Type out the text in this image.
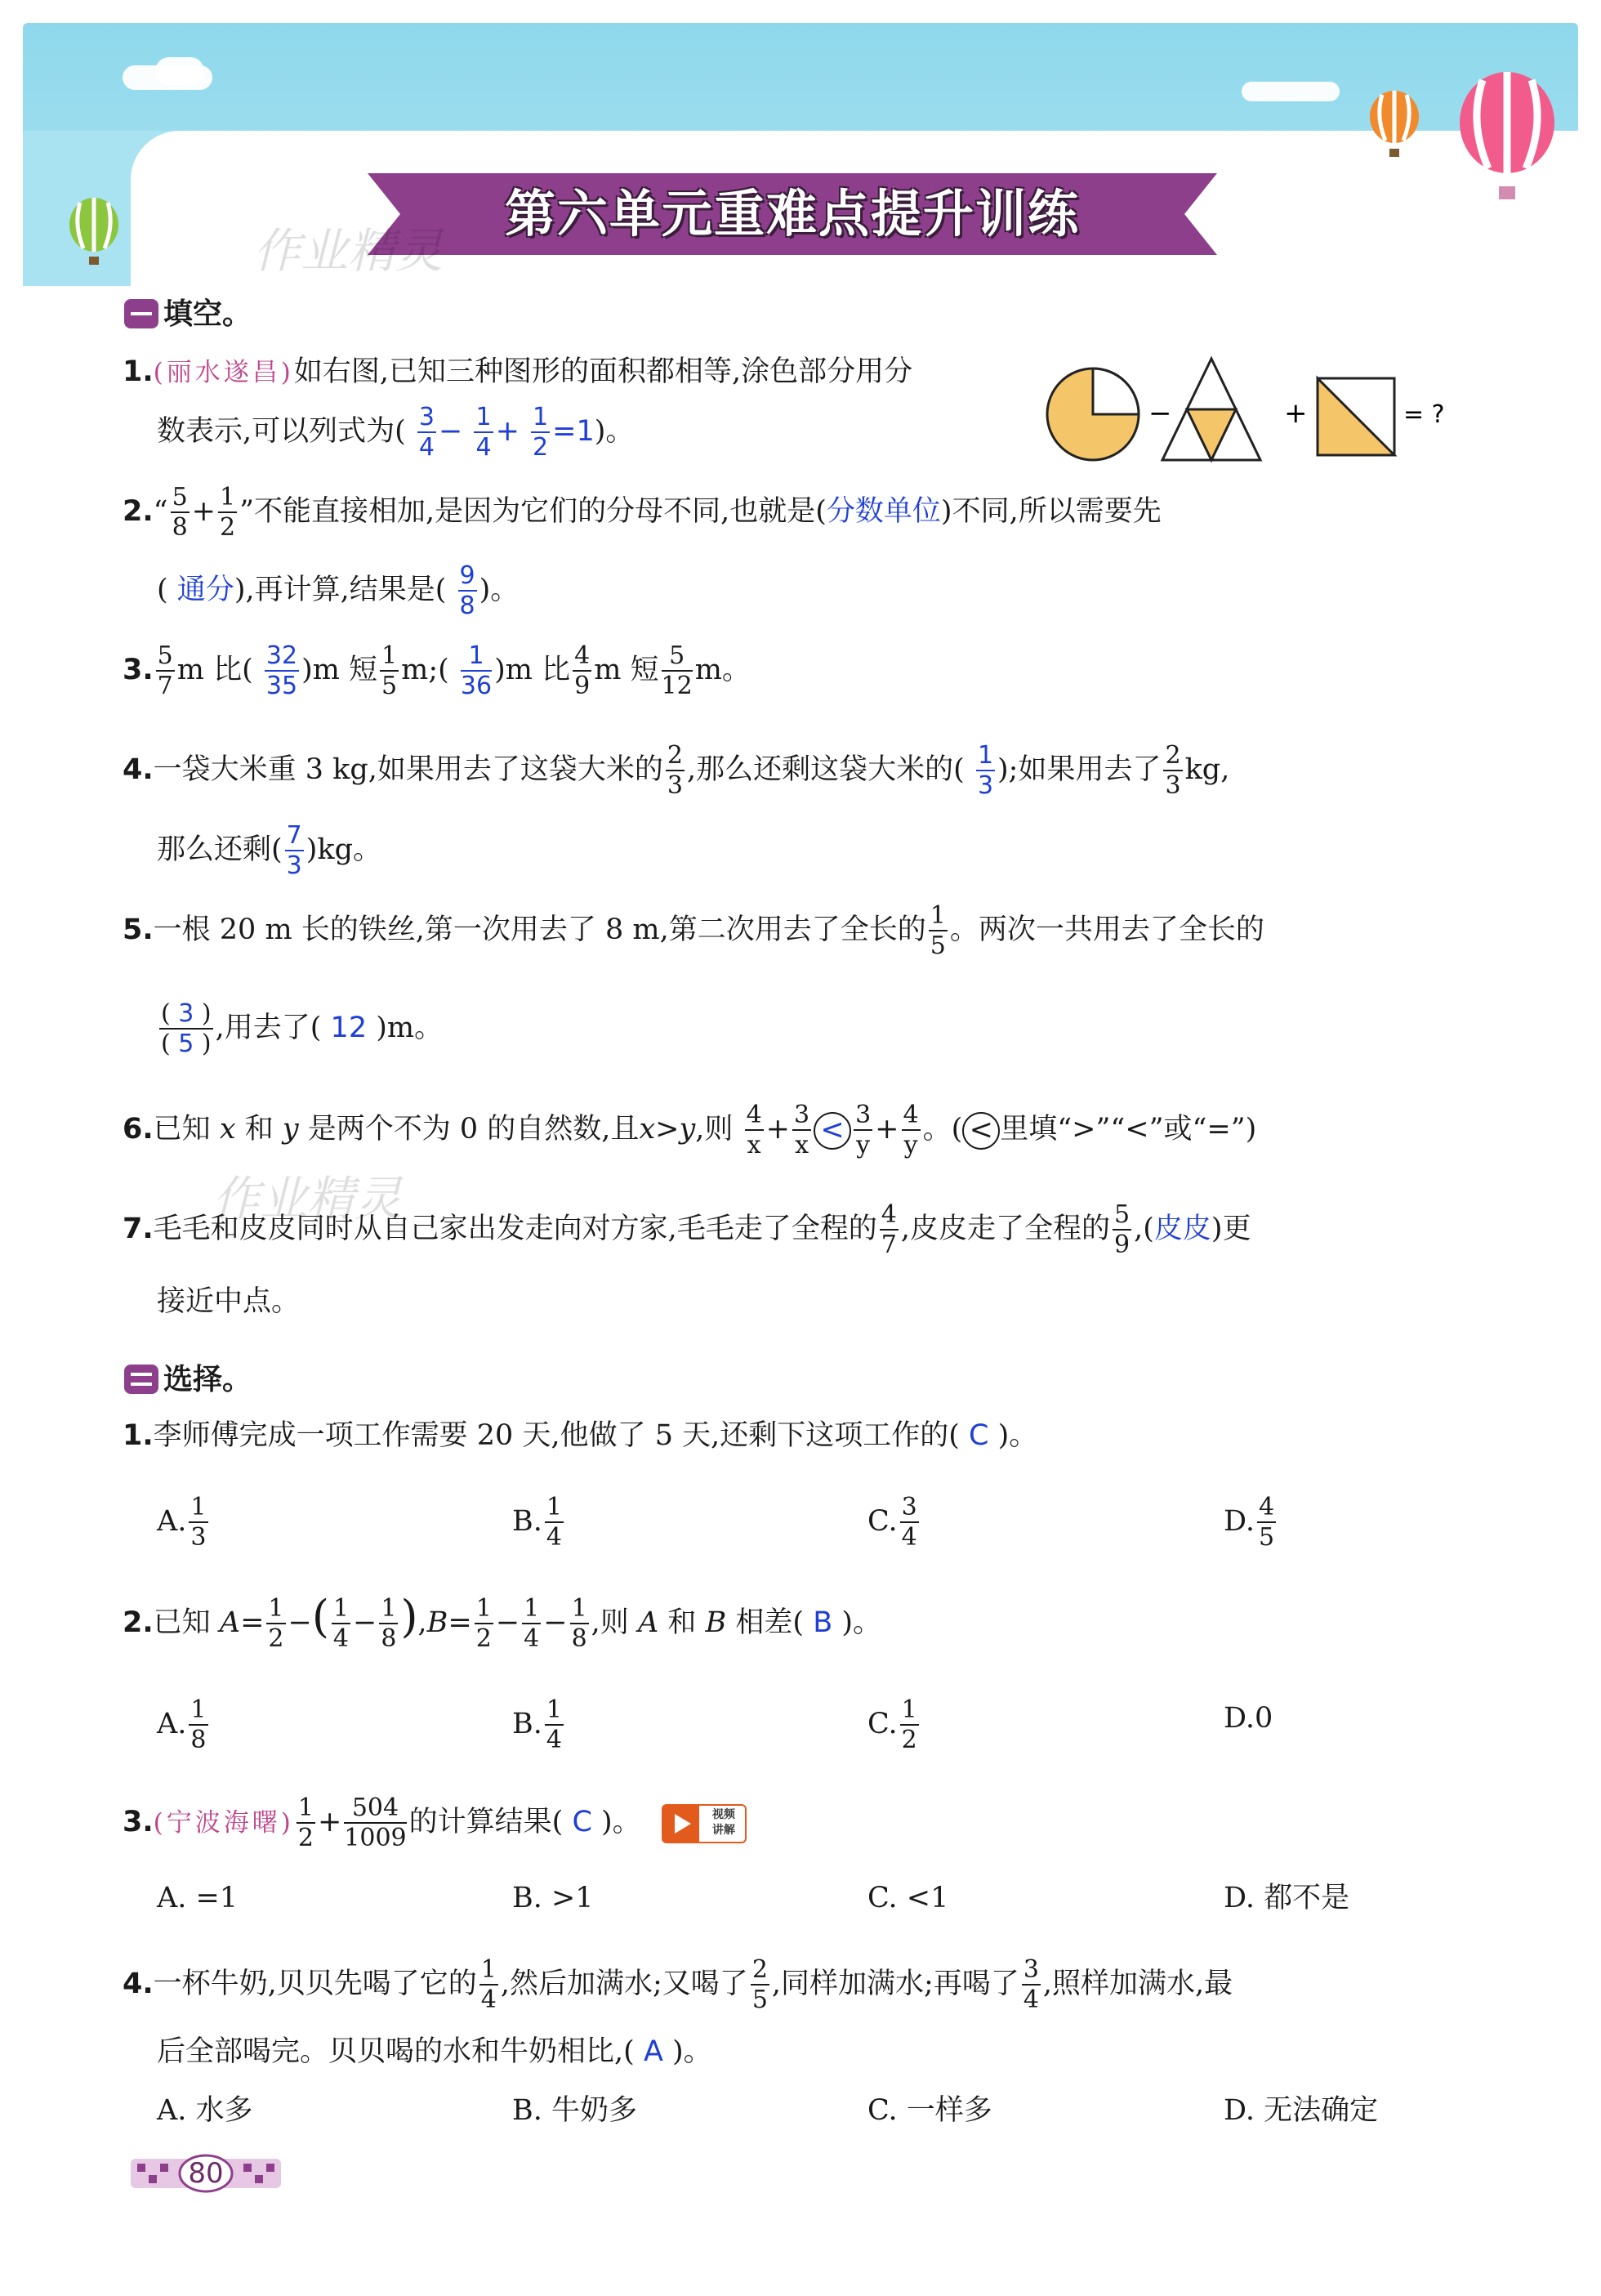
第六单元重难点提升训练
作业精灵
作业精灵
填空。
1.(丽水遂昌)如右图,已知三种图形的面积都相等,涂色部分用分
数表示,可以列式为( $\frac{3}{4} - \frac{1}{4} + \frac{1}{2} =1$)。
−	+	= ?
2.“ $\frac{5}{8} + \frac{1}{2}$ ”不能直接相加,是因为它们的分母不同,也就是(分数单位)不同,所以需要先
( 通分),再计算,结果是( $\frac{9}{8}$ )。
3. $\frac{5}{7}$ m 比( $\frac{32}{35} )m$ 短 $\frac{1}{5}$ m;( $\frac{1}{36} )m$ 比 $\frac{4}{9}$ m 短 $\frac{5}{12}$ m。
4.一袋大米重 3 kg,如果用去了这袋大米的 $\frac{2}{3}$ ,那么还剩这袋大米的( $\frac{1}{3}$ );如果用去了 $\frac{2}{3}$ kg,
那么还剩( $\frac{7}{3} )kg$。
5.一根 20 m 长的铁丝,第一次用去了 8 m,第二次用去了全长的 $\frac{1}{5}$ 。两次一共用去了全长的
$\frac{( 3 )}{( 5 )}$ ,用去了( 12 )m。
6.已知 x 和 y 是两个不为 0 的自然数,且x>y,则 $\frac{4}{x} + \frac{3}{x} < \frac{3}{y} + \frac{4}{y}$ 。( < 里填“>”“<”或“=”)
7.毛毛和皮皮同时从自己家出发走向对方家,毛毛走了全程的 $\frac{4}{7}$ ,皮皮走了全程的 $\frac{5}{9}$ ,(皮皮)更
接近中点。
选择。
1.李师傅完成一项工作需要 20 天,他做了 5 天,还剩下这项工作的( C )。
A. $\frac{1}{3}$	B. $\frac{1}{4}$	C. $\frac{3}{4}$	D. $\frac{4}{5}$
2.已知 $A= \frac{1}{2}$ −( $\frac{1}{4} - \frac{1}{8} ),B= \frac{1}{2} - \frac{1}{4} - \frac{1}{8}$ ,则 A 和 B 相差( B )。
A. $\frac{1}{8}$	B. $\frac{1}{4}$	C. $\frac{1}{2}$	D.0
3.(宁波海曙) $\frac{1}{2} + \frac{504}{1009}$ 的计算结果( C )。	视频
讲解
A. =1	B. >1	C. <1	D. 都不是
4.一杯牛奶,贝贝先喝了它的 $\frac{1}{4}$ ,然后加满水;又喝了 $\frac{2}{5}$ ,同样加满水;再喝了 $\frac{3}{4}$ ,照样加满水,最
后全部喝完。贝贝喝的水和牛奶相比,( A )。
A. 水多	B. 牛奶多	C. 一样多	D. 无法确定
80
